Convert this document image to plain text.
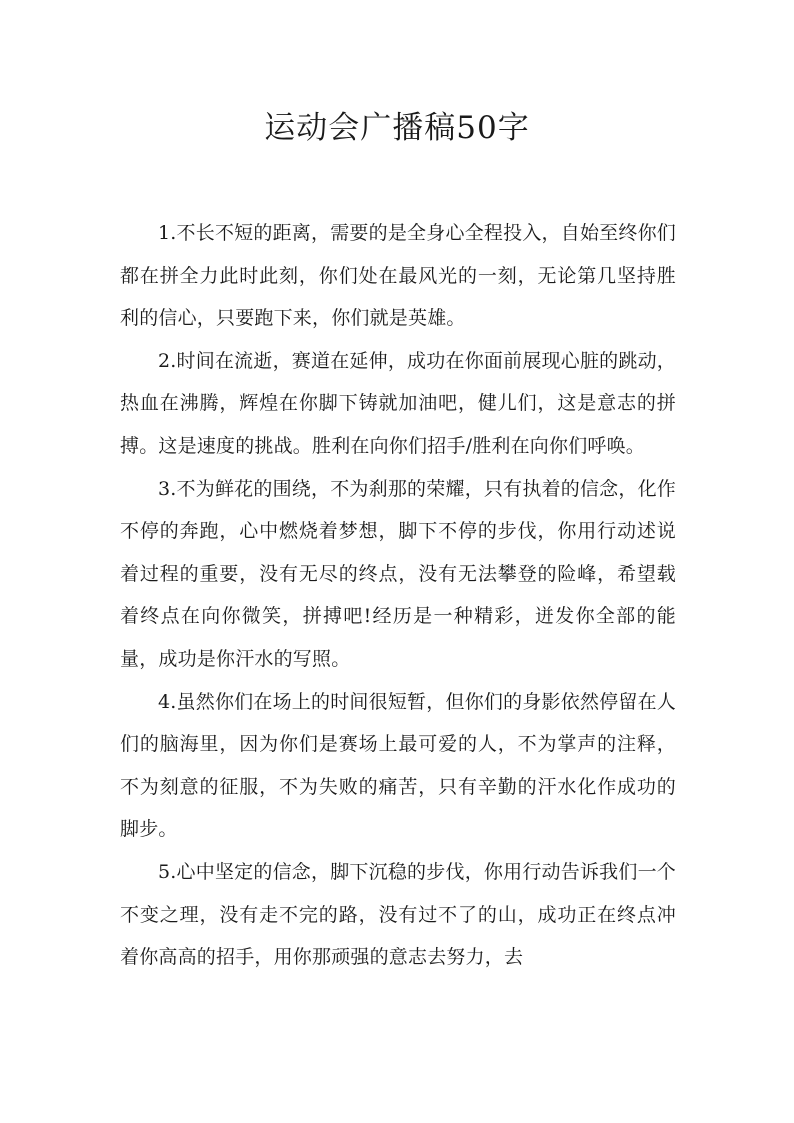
运动会广播稿50字

1.不长不短的距离，需要的是全身心全程投入，自始至终你们都在拼全力此时此刻，你们处在最风光的一刻，无论第几坚持胜利的信心，只要跑下来，你们就是英雄。

2.时间在流逝，赛道在延伸，成功在你面前展现心脏的跳动，热血在沸腾，辉煌在你脚下铸就加油吧，健儿们，这是意志的拼搏。这是速度的挑战。胜利在向你们招手/胜利在向你们呼唤。

3.不为鲜花的围绕，不为刹那的荣耀，只有执着的信念，化作不停的奔跑，心中燃烧着梦想，脚下不停的步伐，你用行动述说着过程的重要，没有无尽的终点，没有无法攀登的险峰，希望载着终点在向你微笑，拼搏吧!经历是一种精彩，迸发你全部的能量，成功是你汗水的写照。

4.虽然你们在场上的时间很短暂，但你们的身影依然停留在人们的脑海里，因为你们是赛场上最可爱的人，不为掌声的注释，不为刻意的征服，不为失败的痛苦，只有辛勤的汗水化作成功的脚步。

5.心中坚定的信念，脚下沉稳的步伐，你用行动告诉我们一个不变之理，没有走不完的路，没有过不了的山，成功正在终点冲着你高高的招手，用你那顽强的意志去努力，去
